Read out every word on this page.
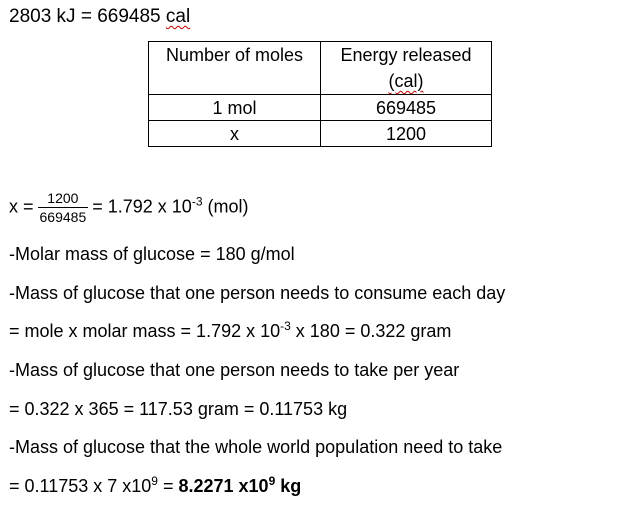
2803 kJ = 669485 cal
Number of moles	Energy released
(cal)
1 mol	669485
x	1200
$x = \frac{1200}{669485} = 1.792$ x $10^{-3}$ (mol)
-Molar mass of glucose = 180 g/mol
-Mass of glucose that one person needs to consume each day
= mole x molar mass = 1.792 x $10^{-3}$ x 180 = 0.322 gram
-Mass of glucose that one person needs to take per year
= 0.322 x 365 = 117.53 gram = 0.11753 kg
-Mass of glucose that the whole world population need to take
= 0.11753 x 7 $x10^9 = 8.2271$ $x10^9$ kg
